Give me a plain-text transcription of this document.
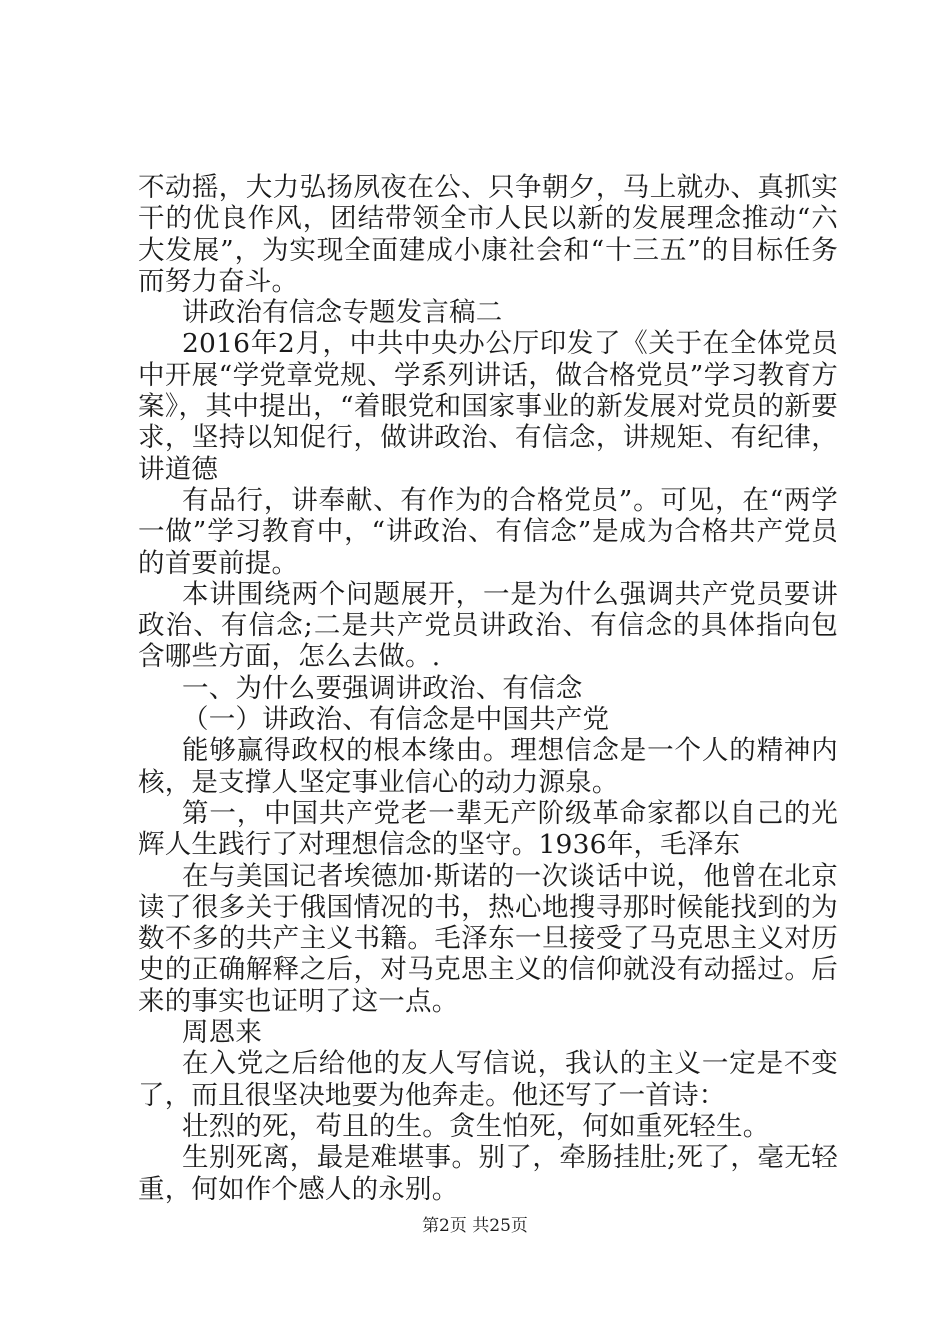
不动摇，大力弘扬夙夜在公、只争朝夕，马上就办、真抓实干的优良作风，团结带领全市人民以新的发展理念推动“六大发展”，为实现全面建成小康社会和“十三五”的目标任务而努力奋斗。

讲政治有信念专题发言稿二

2016年2月，中共中央办公厅印发了《关于在全体党员中开展“学党章党规、学系列讲话，做合格党员”学习教育方案》，其中提出，“着眼党和国家事业的新发展对党员的新要求，坚持以知促行，做讲政治、有信念，讲规矩、有纪律，讲道德

有品行，讲奉献、有作为的合格党员”。可见，在“两学一做”学习教育中，“讲政治、有信念”是成为合格共产党员的首要前提。

本讲围绕两个问题展开，一是为什么强调共产党员要讲政治、有信念;二是共产党员讲政治、有信念的具体指向包含哪些方面，怎么去做。.

一、为什么要强调讲政治、有信念

（一）讲政治、有信念是中国共产党

能够赢得政权的根本缘由。理想信念是一个人的精神内核，是支撑人坚定事业信心的动力源泉。

第一，中国共产党老一辈无产阶级革命家都以自己的光辉人生践行了对理想信念的坚守。1936年，毛泽东

在与美国记者埃德加·斯诺的一次谈话中说，他曾在北京读了很多关于俄国情况的书，热心地搜寻那时候能找到的为数不多的共产主义书籍。毛泽东一旦接受了马克思主义对历史的正确解释之后，对马克思主义的信仰就没有动摇过。后来的事实也证明了这一点。

周恩来

在入党之后给他的友人写信说，我认的主义一定是不变了，而且很坚决地要为他奔走。他还写了一首诗：

壮烈的死，苟且的生。贪生怕死，何如重死轻生。

生别死离，最是难堪事。别了，牵肠挂肚;死了，毫无轻重，何如作个感人的永别。

第2页 共25页
